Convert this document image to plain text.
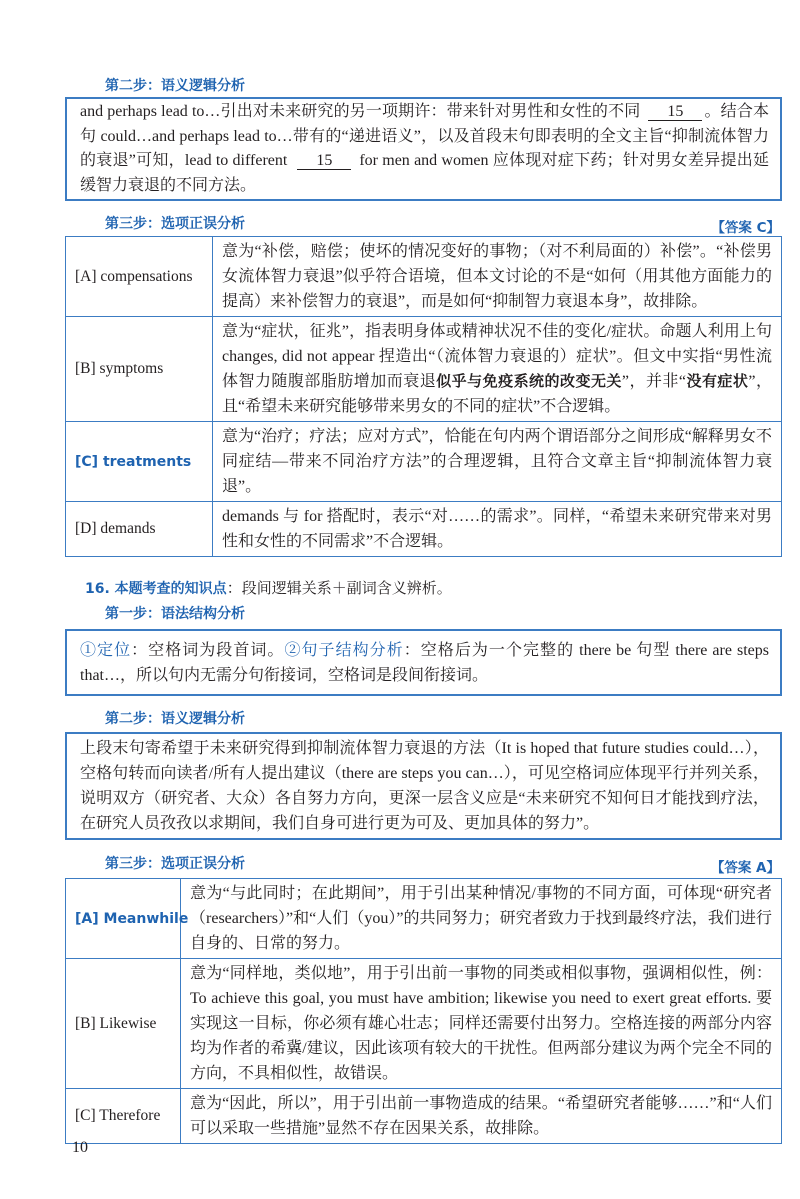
第二步：语义逻辑分析
and perhaps lead to…引出对未来研究的另一项期许：带来针对男性和女性的不同 15 。结合本句 could…and perhaps lead to…带有的“递进语义”，以及首段末句即表明的全文主旨“抑制流体智力的衰退”可知，lead to different 15 for men and women 应体现对症下药；针对男女差异提出延缓智力衰退的不同方法。
第三步：选项正误分析	【答案 C】
[A] compensations	意为“补偿，赔偿；使坏的情况变好的事物；（对不利局面的）补偿”。“补偿男女流体智力衰退”似乎符合语境，但本文讨论的不是“如何（用其他方面能力的提高）来补偿智力的衰退”，而是如何“抑制智力衰退本身”，故排除。
[B] symptoms	意为“症状，征兆”，指表明身体或精神状况不佳的变化/症状。命题人利用上句 changes, did not appear 捏造出“（流体智力衰退的）症状”。但文中实指“男性流体智力随腹部脂肪增加而衰退似乎与免疫系统的改变无关”，并非“没有症状”，且“希望未来研究能够带来男女的不同的症状”不合逻辑。
[C] treatments	意为“治疗；疗法；应对方式”，恰能在句内两个谓语部分之间形成“解释男女不同症结—带来不同治疗方法”的合理逻辑，且符合文章主旨“抑制流体智力衰退”。
[D] demands	demands 与 for 搭配时，表示“对……的需求”。同样，“希望未来研究带来对男性和女性的不同需求”不合逻辑。
16. 本题考查的知识点：段间逻辑关系＋副词含义辨析。
第一步：语法结构分析
①定位：空格词为段首词。②句子结构分析：空格后为一个完整的 there be 句型 there are steps that…，所以句内无需分句衔接词，空格词是段间衔接词。
第二步：语义逻辑分析
上段末句寄希望于未来研究得到抑制流体智力衰退的方法（It is hoped that future studies could…），空格句转而向读者/所有人提出建议（there are steps you can…），可见空格词应体现平行并列关系，说明双方（研究者、大众）各自努力方向，更深一层含义应是“未来研究不知何日才能找到疗法，在研究人员孜孜以求期间，我们自身可进行更为可及、更加具体的努力”。
第三步：选项正误分析	【答案 A】
[A] Meanwhile	意为“与此同时；在此期间”，用于引出某种情况/事物的不同方面，可体现“研究者（researchers）”和“人们（you）”的共同努力；研究者致力于找到最终疗法，我们进行自身的、日常的努力。
[B] Likewise	意为“同样地，类似地”，用于引出前一事物的同类或相似事物，强调相似性，例：To achieve this goal, you must have ambition; likewise you need to exert great efforts. 要实现这一目标，你必须有雄心壮志；同样还需要付出努力。空格连接的两部分内容均为作者的希冀/建议，因此该项有较大的干扰性。但两部分建议为两个完全不同的方向，不具相似性，故错误。
[C] Therefore	意为“因此，所以”，用于引出前一事物造成的结果。“希望研究者能够……”和“人们可以采取一些措施”显然不存在因果关系，故排除。
10
